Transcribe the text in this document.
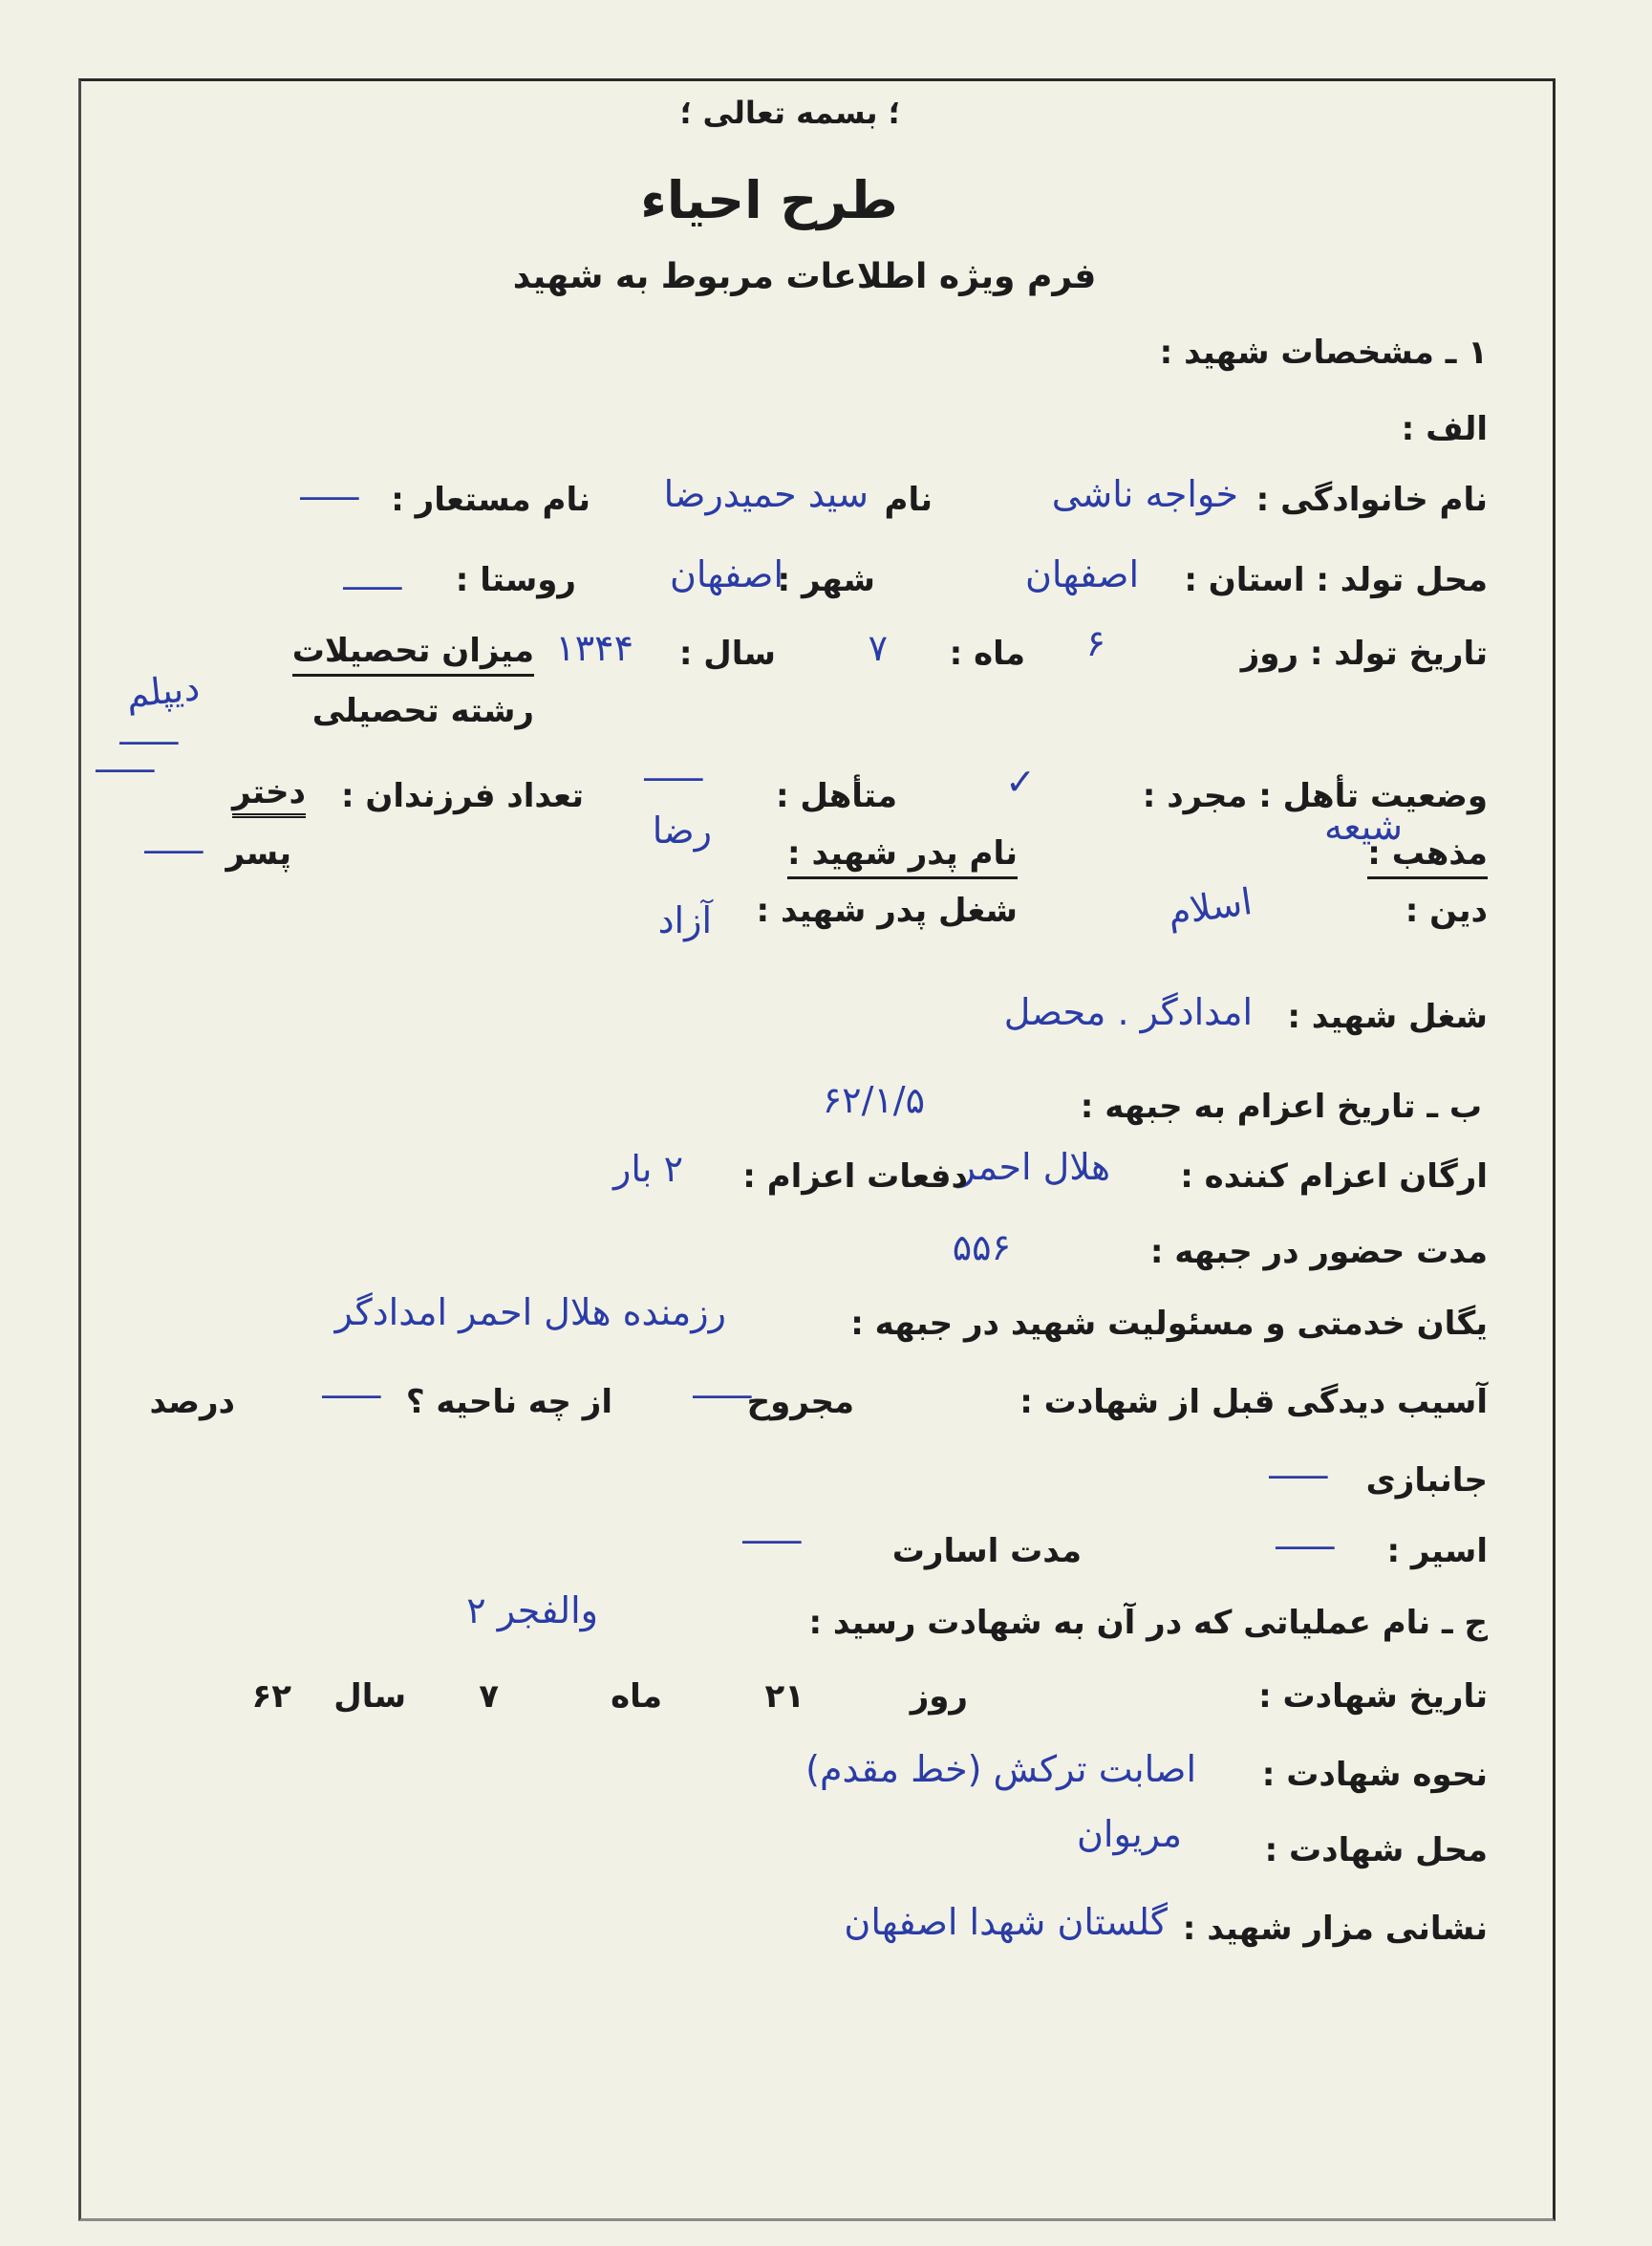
؛ بسمه تعالی ؛
طرح احیاء
فرم ویژه اطلاعات مربوط به شهید
۱ ـ مشخصات شهید :
الف :
نام خانوادگی :
خواجه ناشی
نام
سید حمیدرضا
نام مستعار :
—
محل تولد : استان :
اصفهان
شهر :
اصفهان
روستا :
—
تاریخ تولد : روز
۶
ماه :
۷
سال :
۱۳۴۴
میزان تحصیلات
رشته تحصیلی
دیپلم
—
وضعیت تأهل : مجرد :
✓
متأهل :
—
تعداد فرزندان :
دختر
—
مذهب :
شیعه
نام پدر شهید :
رضا
پسر
—
دین :
اسلام
شغل پدر شهید :
آزاد
شغل شهید :
امدادگر . محصل
ب ـ تاریخ اعزام به جبهه :
۶۲/۱/۵
ارگان اعزام کننده :
هلال احمر
دفعات اعزام :
۲ بار
مدت حضور در جبهه :
۵۵۶
یگان خدمتی و مسئولیت شهید در جبهه :
رزمنده هلال احمر امدادگر
آسیب دیدگی قبل از شهادت :
مجروح
—
از چه ناحیه ؟
—
درصد
جانبازی
—
اسیر :
—
مدت اسارت
—
ج ـ نام عملیاتی که در آن به شهادت رسید :
والفجر ۲
تاریخ شهادت :
روز
۲۱
ماه
۷
سال
۶۲
نحوه شهادت :
اصابت ترکش (خط مقدم)
محل شهادت :
مریوان
نشانی مزار شهید :
گلستان شهدا اصفهان
